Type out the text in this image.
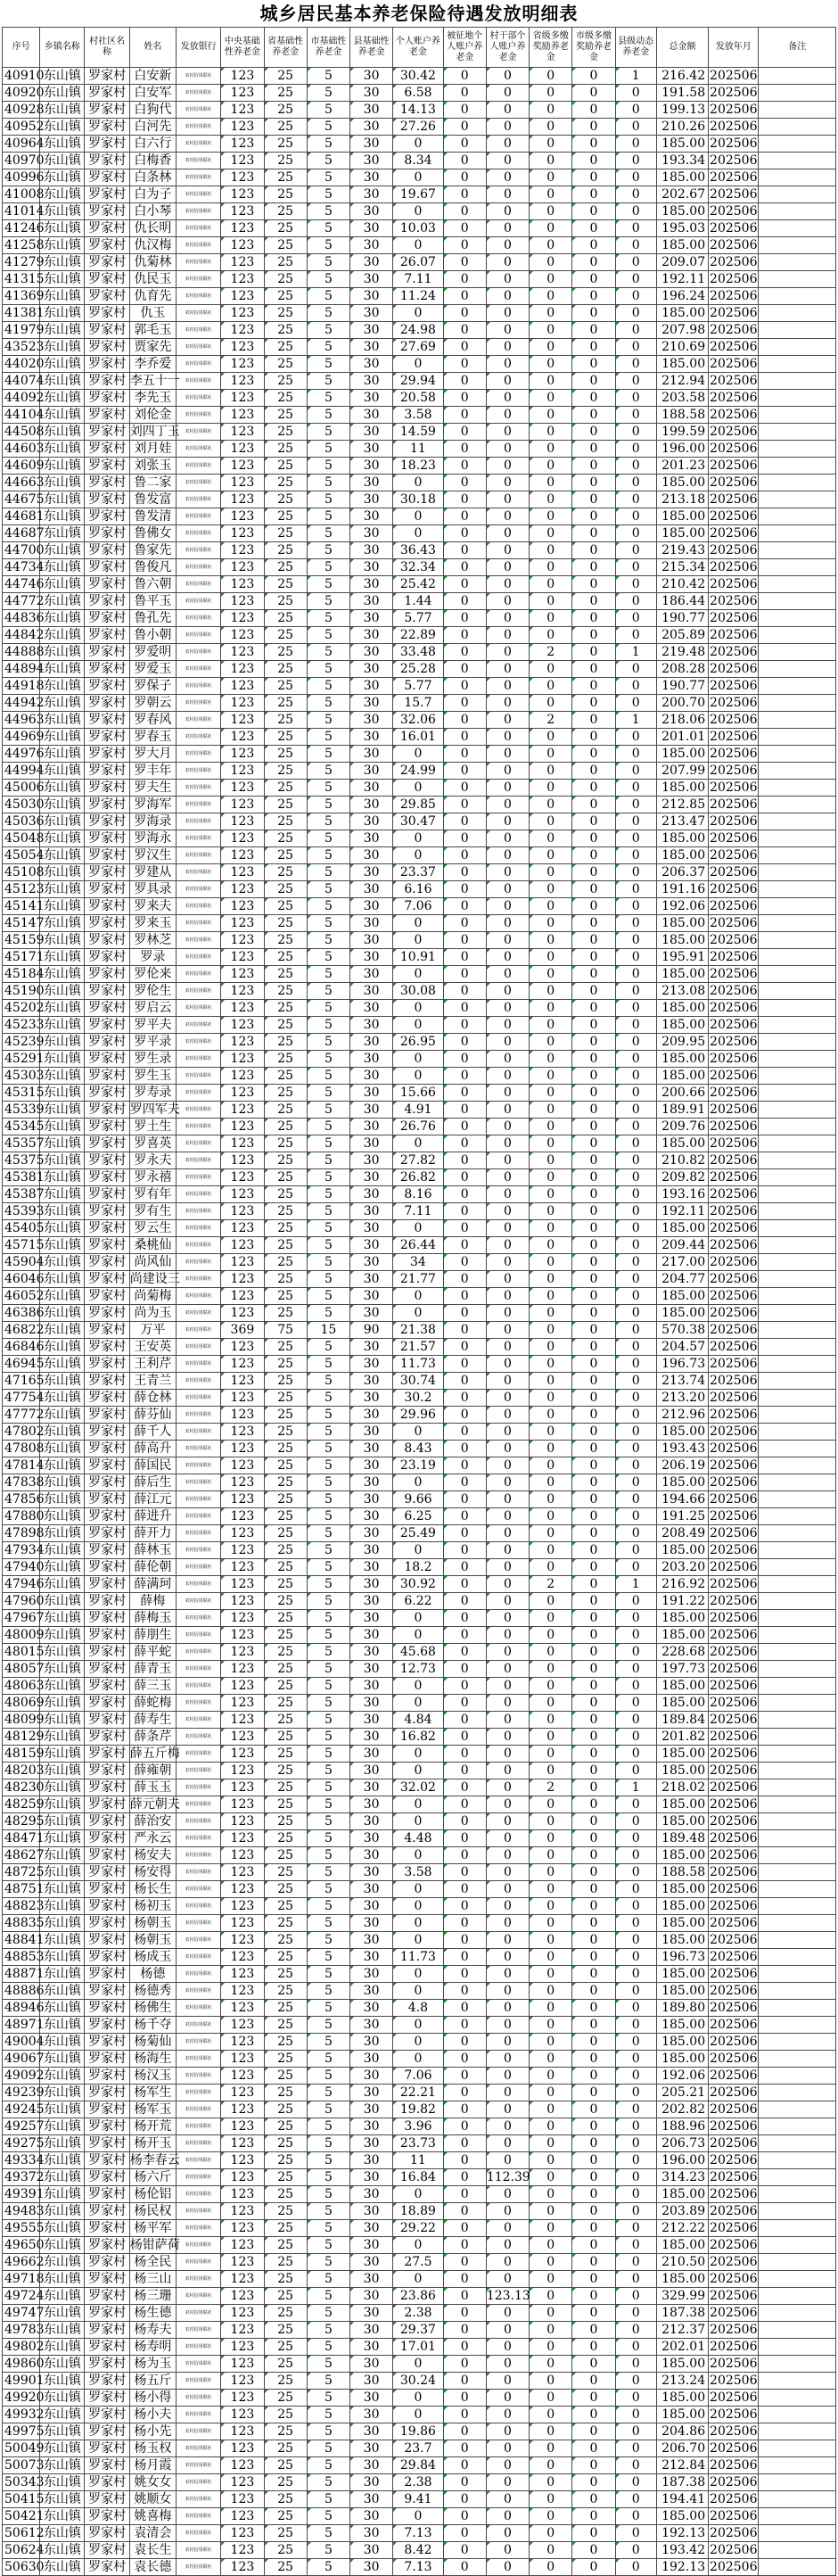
城乡居民基本养老保险待遇发放明细表
序号	乡镇名称	村社区名称	姓名	发放银行	中央基础性养老金	省基础性养老金	市基础性养老金	县基础性养老金	个人账户养老金	被征地个人账户养老金	村干部个人账户养老金	省级多缴奖励养老金	市级多缴奖励养老金	县级动态养老金	总金额	发放年月	备注
40910	东山镇	罗家村	白安新	农村信用联社	123	25	5	30	30.42	0	0	0	0	1	216.42	202506	
40920	东山镇	罗家村	白安军	农村信用联社	123	25	5	30	6.58	0	0	0	0	0	191.58	202506	
40928	东山镇	罗家村	白狗代	农村信用联社	123	25	5	30	14.13	0	0	0	0	0	199.13	202506	
40952	东山镇	罗家村	白河先	农村信用联社	123	25	5	30	27.26	0	0	0	0	0	210.26	202506	
40964	东山镇	罗家村	白六行	农村信用联社	123	25	5	30	0	0	0	0	0	0	185.00	202506	
40970	东山镇	罗家村	白梅香	农村信用联社	123	25	5	30	8.34	0	0	0	0	0	193.34	202506	
40996	东山镇	罗家村	白条林	农村信用联社	123	25	5	30	0	0	0	0	0	0	185.00	202506	
41008	东山镇	罗家村	白为子	农村信用联社	123	25	5	30	19.67	0	0	0	0	0	202.67	202506	
41014	东山镇	罗家村	白小琴	农村信用联社	123	25	5	30	0	0	0	0	0	0	185.00	202506	
41246	东山镇	罗家村	仇长明	农村信用联社	123	25	5	30	10.03	0	0	0	0	0	195.03	202506	
41258	东山镇	罗家村	仇汉梅	农村信用联社	123	25	5	30	0	0	0	0	0	0	185.00	202506	
41279	东山镇	罗家村	仇菊林	农村信用联社	123	25	5	30	26.07	0	0	0	0	0	209.07	202506	
41315	东山镇	罗家村	仇民玉	农村信用联社	123	25	5	30	7.11	0	0	0	0	0	192.11	202506	
41369	东山镇	罗家村	仇育先	农村信用联社	123	25	5	30	11.24	0	0	0	0	0	196.24	202506	
41381	东山镇	罗家村	仇玉	农村信用联社	123	25	5	30	0	0	0	0	0	0	185.00	202506	
41979	东山镇	罗家村	郭毛玉	农村信用联社	123	25	5	30	24.98	0	0	0	0	0	207.98	202506	
43523	东山镇	罗家村	贾家先	农村信用联社	123	25	5	30	27.69	0	0	0	0	0	210.69	202506	
44020	东山镇	罗家村	李乔爱	农村信用联社	123	25	5	30	0	0	0	0	0	0	185.00	202506	
44074	东山镇	罗家村	李五十一	农村信用联社	123	25	5	30	29.94	0	0	0	0	0	212.94	202506	
44092	东山镇	罗家村	李先玉	农村信用联社	123	25	5	30	20.58	0	0	0	0	0	203.58	202506	
44104	东山镇	罗家村	刘伦金	农村信用联社	123	25	5	30	3.58	0	0	0	0	0	188.58	202506	
44508	东山镇	罗家村	刘四丁玉	农村信用联社	123	25	5	30	14.59	0	0	0	0	0	199.59	202506	
44603	东山镇	罗家村	刘月娃	农村信用联社	123	25	5	30	11	0	0	0	0	0	196.00	202506	
44609	东山镇	罗家村	刘张玉	农村信用联社	123	25	5	30	18.23	0	0	0	0	0	201.23	202506	
44663	东山镇	罗家村	鲁二家	农村信用联社	123	25	5	30	0	0	0	0	0	0	185.00	202506	
44675	东山镇	罗家村	鲁发富	农村信用联社	123	25	5	30	30.18	0	0	0	0	0	213.18	202506	
44681	东山镇	罗家村	鲁发清	农村信用联社	123	25	5	30	0	0	0	0	0	0	185.00	202506	
44687	东山镇	罗家村	鲁佛女	农村信用联社	123	25	5	30	0	0	0	0	0	0	185.00	202506	
44700	东山镇	罗家村	鲁家先	农村信用联社	123	25	5	30	36.43	0	0	0	0	0	219.43	202506	
44734	东山镇	罗家村	鲁俊凡	农村信用联社	123	25	5	30	32.34	0	0	0	0	0	215.34	202506	
44746	东山镇	罗家村	鲁六朝	农村信用联社	123	25	5	30	25.42	0	0	0	0	0	210.42	202506	
44772	东山镇	罗家村	鲁平玉	农村信用联社	123	25	5	30	1.44	0	0	0	0	0	186.44	202506	
44836	东山镇	罗家村	鲁孔先	农村信用联社	123	25	5	30	5.77	0	0	0	0	0	190.77	202506	
44842	东山镇	罗家村	鲁小朝	农村信用联社	123	25	5	30	22.89	0	0	0	0	0	205.89	202506	
44888	东山镇	罗家村	罗爱明	农村信用联社	123	25	5	30	33.48	0	0	2	0	1	219.48	202506	
44894	东山镇	罗家村	罗爱玉	农村信用联社	123	25	5	30	25.28	0	0	0	0	0	208.28	202506	
44918	东山镇	罗家村	罗保子	农村信用联社	123	25	5	30	5.77	0	0	0	0	0	190.77	202506	
44942	东山镇	罗家村	罗朝云	农村信用联社	123	25	5	30	15.7	0	0	0	0	0	200.70	202506	
44963	东山镇	罗家村	罗春风	农村信用联社	123	25	5	30	32.06	0	0	2	0	1	218.06	202506	
44969	东山镇	罗家村	罗春玉	农村信用联社	123	25	5	30	16.01	0	0	0	0	0	201.01	202506	
44976	东山镇	罗家村	罗大月	农村信用联社	123	25	5	30	0	0	0	0	0	0	185.00	202506	
44994	东山镇	罗家村	罗丰年	农村信用联社	123	25	5	30	24.99	0	0	0	0	0	207.99	202506	
45006	东山镇	罗家村	罗夫生	农村信用联社	123	25	5	30	0	0	0	0	0	0	185.00	202506	
45030	东山镇	罗家村	罗海军	农村信用联社	123	25	5	30	29.85	0	0	0	0	0	212.85	202506	
45036	东山镇	罗家村	罗海录	农村信用联社	123	25	5	30	30.47	0	0	0	0	0	213.47	202506	
45048	东山镇	罗家村	罗海永	农村信用联社	123	25	5	30	0	0	0	0	0	0	185.00	202506	
45054	东山镇	罗家村	罗汉生	农村信用联社	123	25	5	30	0	0	0	0	0	0	185.00	202506	
45108	东山镇	罗家村	罗建从	农村信用联社	123	25	5	30	23.37	0	0	0	0	0	206.37	202506	
45123	东山镇	罗家村	罗具录	农村信用联社	123	25	5	30	6.16	0	0	0	0	0	191.16	202506	
45141	东山镇	罗家村	罗来夫	农村信用联社	123	25	5	30	7.06	0	0	0	0	0	192.06	202506	
45147	东山镇	罗家村	罗来玉	农村信用联社	123	25	5	30	0	0	0	0	0	0	185.00	202506	
45159	东山镇	罗家村	罗林芝	农村信用联社	123	25	5	30	0	0	0	0	0	0	185.00	202506	
45171	东山镇	罗家村	罗录	农村信用联社	123	25	5	30	10.91	0	0	0	0	0	195.91	202506	
45184	东山镇	罗家村	罗伦来	农村信用联社	123	25	5	30	0	0	0	0	0	0	185.00	202506	
45190	东山镇	罗家村	罗伦生	农村信用联社	123	25	5	30	30.08	0	0	0	0	0	213.08	202506	
45202	东山镇	罗家村	罗启云	农村信用联社	123	25	5	30	0	0	0	0	0	0	185.00	202506	
45233	东山镇	罗家村	罗平夫	农村信用联社	123	25	5	30	0	0	0	0	0	0	185.00	202506	
45239	东山镇	罗家村	罗平录	农村信用联社	123	25	5	30	26.95	0	0	0	0	0	209.95	202506	
45291	东山镇	罗家村	罗生录	农村信用联社	123	25	5	30	0	0	0	0	0	0	185.00	202506	
45303	东山镇	罗家村	罗生玉	农村信用联社	123	25	5	30	0	0	0	0	0	0	185.00	202506	
45315	东山镇	罗家村	罗寿录	农村信用联社	123	25	5	30	15.66	0	0	0	0	0	200.66	202506	
45339	东山镇	罗家村	罗四军夫	农村信用联社	123	25	5	30	4.91	0	0	0	0	0	189.91	202506	
45345	东山镇	罗家村	罗土生	农村信用联社	123	25	5	30	26.76	0	0	0	0	0	209.76	202506	
45357	东山镇	罗家村	罗喜英	农村信用联社	123	25	5	30	0	0	0	0	0	0	185.00	202506	
45375	东山镇	罗家村	罗永夫	农村信用联社	123	25	5	30	27.82	0	0	0	0	0	210.82	202506	
45381	东山镇	罗家村	罗永禧	农村信用联社	123	25	5	30	26.82	0	0	0	0	0	209.82	202506	
45387	东山镇	罗家村	罗有年	农村信用联社	123	25	5	30	8.16	0	0	0	0	0	193.16	202506	
45393	东山镇	罗家村	罗有生	农村信用联社	123	25	5	30	7.11	0	0	0	0	0	192.11	202506	
45405	东山镇	罗家村	罗云生	农村信用联社	123	25	5	30	0	0	0	0	0	0	185.00	202506	
45715	东山镇	罗家村	桑桃仙	农村信用联社	123	25	5	30	26.44	0	0	0	0	0	209.44	202506	
45904	东山镇	罗家村	尚风仙	农村信用联社	123	25	5	30	34	0	0	0	0	0	217.00	202506	
46046	东山镇	罗家村	尚建设三	农村信用联社	123	25	5	30	21.77	0	0	0	0	0	204.77	202506	
46052	东山镇	罗家村	尚菊梅	农村信用联社	123	25	5	30	0	0	0	0	0	0	185.00	202506	
46386	东山镇	罗家村	尚为玉	农村信用联社	123	25	5	30	0	0	0	0	0	0	185.00	202506	
46822	东山镇	罗家村	万平	农村信用联社	369	75	15	90	21.38	0	0	0	0	0	570.38	202506	
46846	东山镇	罗家村	王安英	农村信用联社	123	25	5	30	21.57	0	0	0	0	0	204.57	202506	
46945	东山镇	罗家村	王利芹	农村信用联社	123	25	5	30	11.73	0	0	0	0	0	196.73	202506	
47165	东山镇	罗家村	王青兰	农村信用联社	123	25	5	30	30.74	0	0	0	0	0	213.74	202506	
47754	东山镇	罗家村	薛仓林	农村信用联社	123	25	5	30	30.2	0	0	0	0	0	213.20	202506	
47772	东山镇	罗家村	薛芬仙	农村信用联社	123	25	5	30	29.96	0	0	0	0	0	212.96	202506	
47802	东山镇	罗家村	薛千人	农村信用联社	123	25	5	30	0	0	0	0	0	0	185.00	202506	
47808	东山镇	罗家村	薛高升	农村信用联社	123	25	5	30	8.43	0	0	0	0	0	193.43	202506	
47814	东山镇	罗家村	薛国民	农村信用联社	123	25	5	30	23.19	0	0	0	0	0	206.19	202506	
47838	东山镇	罗家村	薛后生	农村信用联社	123	25	5	30	0	0	0	0	0	0	185.00	202506	
47856	东山镇	罗家村	薛江元	农村信用联社	123	25	5	30	9.66	0	0	0	0	0	194.66	202506	
47880	东山镇	罗家村	薛进升	农村信用联社	123	25	5	30	6.25	0	0	0	0	0	191.25	202506	
47898	东山镇	罗家村	薛开力	农村信用联社	123	25	5	30	25.49	0	0	0	0	0	208.49	202506	
47934	东山镇	罗家村	薛林玉	农村信用联社	123	25	5	30	0	0	0	0	0	0	185.00	202506	
47940	东山镇	罗家村	薛伦朝	农村信用联社	123	25	5	30	18.2	0	0	0	0	0	203.20	202506	
47946	东山镇	罗家村	薛满珂	农村信用联社	123	25	5	30	30.92	0	0	2	0	1	216.92	202506	
47960	东山镇	罗家村	薛梅	农村信用联社	123	25	5	30	6.22	0	0	0	0	0	191.22	202506	
47967	东山镇	罗家村	薛梅玉	农村信用联社	123	25	5	30	0	0	0	0	0	0	185.00	202506	
48009	东山镇	罗家村	薛朋生	农村信用联社	123	25	5	30	0	0	0	0	0	0	185.00	202506	
48015	东山镇	罗家村	薛平蛇	农村信用联社	123	25	5	30	45.68	0	0	0	0	0	228.68	202506	
48057	东山镇	罗家村	薛青玉	农村信用联社	123	25	5	30	12.73	0	0	0	0	0	197.73	202506	
48063	东山镇	罗家村	薛三玉	农村信用联社	123	25	5	30	0	0	0	0	0	0	185.00	202506	
48069	东山镇	罗家村	薛蛇梅	农村信用联社	123	25	5	30	0	0	0	0	0	0	185.00	202506	
48099	东山镇	罗家村	薛寿生	农村信用联社	123	25	5	30	4.84	0	0	0	0	0	189.84	202506	
48129	东山镇	罗家村	薛条芹	农村信用联社	123	25	5	30	16.82	0	0	0	0	0	201.82	202506	
48159	东山镇	罗家村	薛五斤梅	农村信用联社	123	25	5	30	0	0	0	0	0	0	185.00	202506	
48203	东山镇	罗家村	薛雍朝	农村信用联社	123	25	5	30	0	0	0	0	0	0	185.00	202506	
48230	东山镇	罗家村	薛玉玉	农村信用联社	123	25	5	30	32.02	0	0	2	0	1	218.02	202506	
48259	东山镇	罗家村	薛元朝夫	农村信用联社	123	25	5	30	0	0	0	0	0	0	185.00	202506	
48295	东山镇	罗家村	薛治安	农村信用联社	123	25	5	30	0	0	0	0	0	0	185.00	202506	
48471	东山镇	罗家村	严永云	农村信用联社	123	25	5	30	4.48	0	0	0	0	0	189.48	202506	
48627	东山镇	罗家村	杨安夫	农村信用联社	123	25	5	30	0	0	0	0	0	0	185.00	202506	
48725	东山镇	罗家村	杨安得	农村信用联社	123	25	5	30	3.58	0	0	0	0	0	188.58	202506	
48751	东山镇	罗家村	杨长生	农村信用联社	123	25	5	30	0	0	0	0	0	0	185.00	202506	
48823	东山镇	罗家村	杨初玉	农村信用联社	123	25	5	30	0	0	0	0	0	0	185.00	202506	
48835	东山镇	罗家村	杨朝玉	农村信用联社	123	25	5	30	0	0	0	0	0	0	185.00	202506	
48841	东山镇	罗家村	杨朝玉	农村信用联社	123	25	5	30	0	0	0	0	0	0	185.00	202506	
48853	东山镇	罗家村	杨成玉	农村信用联社	123	25	5	30	11.73	0	0	0	0	0	196.73	202506	
48871	东山镇	罗家村	杨德	农村信用联社	123	25	5	30	0	0	0	0	0	0	185.00	202506	
48886	东山镇	罗家村	杨德秀	农村信用联社	123	25	5	30	0	0	0	0	0	0	185.00	202506	
48946	东山镇	罗家村	杨佛生	农村信用联社	123	25	5	30	4.8	0	0	0	0	0	189.80	202506	
48971	东山镇	罗家村	杨千夺	农村信用联社	123	25	5	30	0	0	0	0	0	0	185.00	202506	
49004	东山镇	罗家村	杨菊仙	农村信用联社	123	25	5	30	0	0	0	0	0	0	185.00	202506	
49067	东山镇	罗家村	杨海生	农村信用联社	123	25	5	30	0	0	0	0	0	0	185.00	202506	
49092	东山镇	罗家村	杨汉玉	农村信用联社	123	25	5	30	7.06	0	0	0	0	0	192.06	202506	
49239	东山镇	罗家村	杨军生	农村信用联社	123	25	5	30	22.21	0	0	0	0	0	205.21	202506	
49245	东山镇	罗家村	杨军玉	农村信用联社	123	25	5	30	19.82	0	0	0	0	0	202.82	202506	
49257	东山镇	罗家村	杨开荒	农村信用联社	123	25	5	30	3.96	0	0	0	0	0	188.96	202506	
49275	东山镇	罗家村	杨开玉	农村信用联社	123	25	5	30	23.73	0	0	0	0	0	206.73	202506	
49334	东山镇	罗家村	杨李春云	农村信用联社	123	25	5	30	11	0	0	0	0	0	196.00	202506	
49372	东山镇	罗家村	杨六斤	农村信用联社	123	25	5	30	16.84	0	112.39	0	0	0	314.23	202506	
49391	东山镇	罗家村	杨伦铝	农村信用联社	123	25	5	30	0	0	0	0	0	0	185.00	202506	
49483	东山镇	罗家村	杨民权	农村信用联社	123	25	5	30	18.89	0	0	0	0	0	203.89	202506	
49555	东山镇	罗家村	杨平军	农村信用联社	123	25	5	30	29.22	0	0	0	0	0	212.22	202506	
49650	东山镇	罗家村	杨钳萨荷	农村信用联社	123	25	5	30	0	0	0	0	0	0	185.00	202506	
49662	东山镇	罗家村	杨全民	农村信用联社	123	25	5	30	27.5	0	0	0	0	0	210.50	202506	
49718	东山镇	罗家村	杨三山	农村信用联社	123	25	5	30	0	0	0	0	0	0	185.00	202506	
49724	东山镇	罗家村	杨三珊	农村信用联社	123	25	5	30	23.86	0	123.13	0	0	0	329.99	202506	
49747	东山镇	罗家村	杨生德	农村信用联社	123	25	5	30	2.38	0	0	0	0	0	187.38	202506	
49783	东山镇	罗家村	杨寿夫	农村信用联社	123	25	5	30	29.37	0	0	0	0	0	212.37	202506	
49802	东山镇	罗家村	杨寿明	农村信用联社	123	25	5	30	17.01	0	0	0	0	0	202.01	202506	
49860	东山镇	罗家村	杨为玉	农村信用联社	123	25	5	30	0	0	0	0	0	0	185.00	202506	
49901	东山镇	罗家村	杨五斤	农村信用联社	123	25	5	30	30.24	0	0	0	0	0	213.24	202506	
49920	东山镇	罗家村	杨小得	农村信用联社	123	25	5	30	0	0	0	0	0	0	185.00	202506	
49932	东山镇	罗家村	杨小夫	农村信用联社	123	25	5	30	0	0	0	0	0	0	185.00	202506	
49975	东山镇	罗家村	杨小先	农村信用联社	123	25	5	30	19.86	0	0	0	0	0	204.86	202506	
50049	东山镇	罗家村	杨玉权	农村信用联社	123	25	5	30	23.7	0	0	0	0	0	206.70	202506	
50073	东山镇	罗家村	杨月霞	农村信用联社	123	25	5	30	29.84	0	0	0	0	0	212.84	202506	
50343	东山镇	罗家村	姚女女	农村信用联社	123	25	5	30	2.38	0	0	0	0	0	187.38	202506	
50415	东山镇	罗家村	姚顺女	农村信用联社	123	25	5	30	9.41	0	0	0	0	0	194.41	202506	
50421	东山镇	罗家村	姚喜梅	农村信用联社	123	25	5	30	0	0	0	0	0	0	185.00	202506	
50612	东山镇	罗家村	袁清会	农村信用联社	123	25	5	30	7.13	0	0	0	0	0	192.13	202506	
50624	东山镇	罗家村	袁长生	农村信用联社	123	25	5	30	8.42	0	0	0	0	0	193.42	202506	
50630	东山镇	罗家村	袁长德	农村信用联社	123	25	5	30	7.13	0	0	0	0	0	192.13	202506	
